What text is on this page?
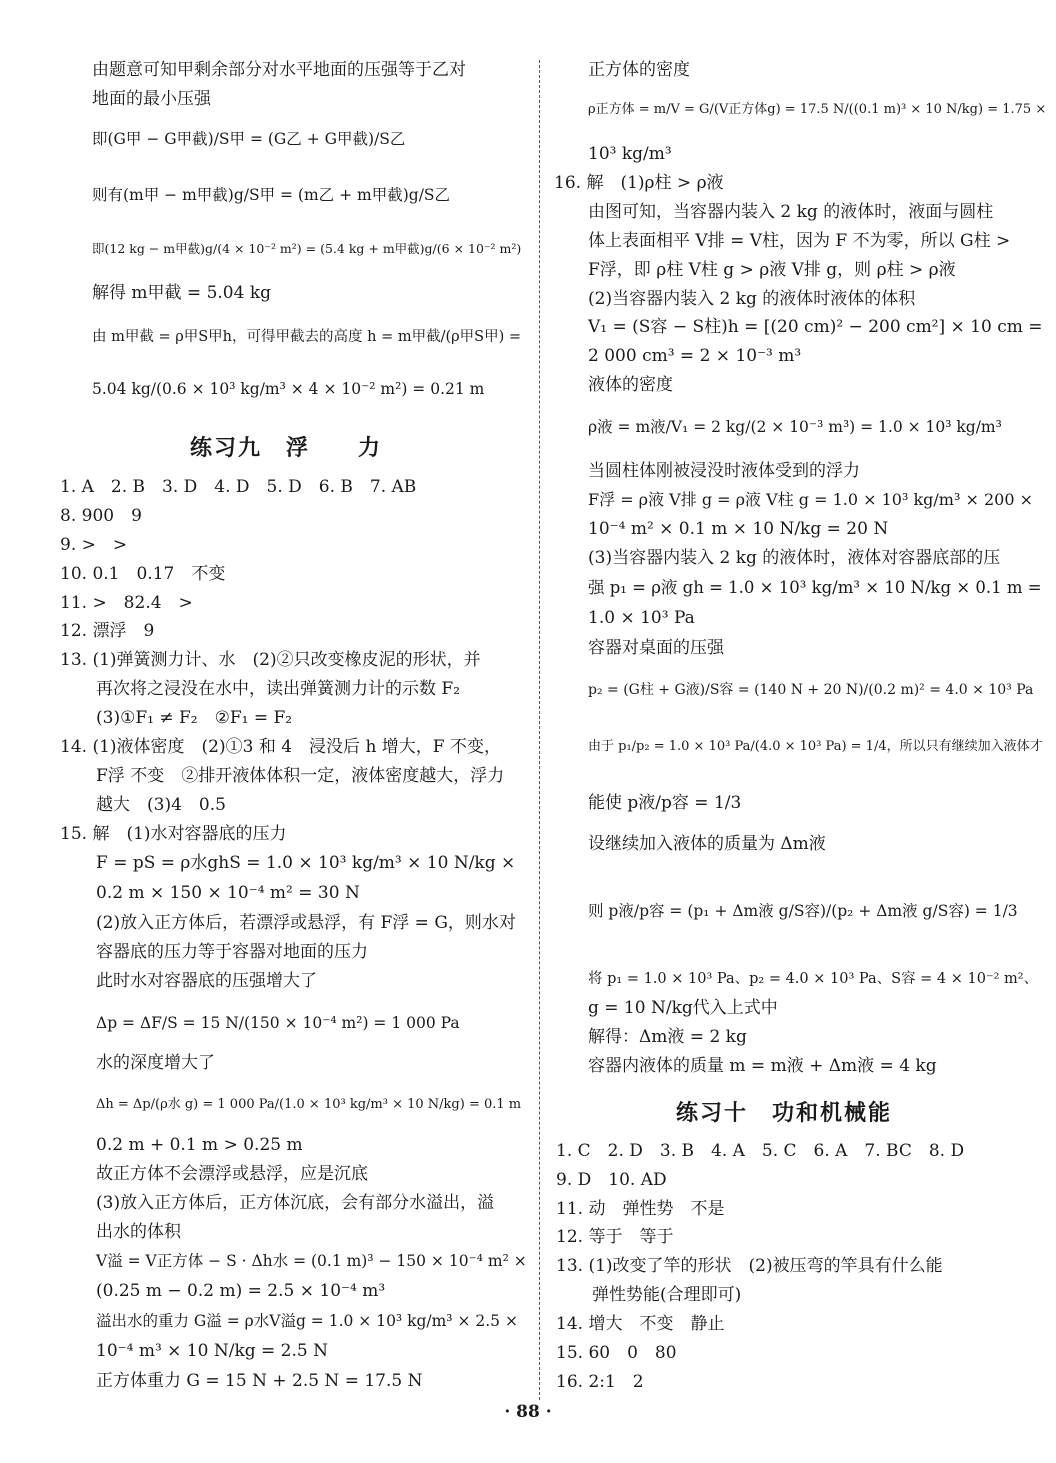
由题意可知甲剩余部分对水平地面的压强等于乙对
地面的最小压强
即(G甲 − G甲截)/S甲 = (G乙 + G甲截)/S乙
则有(m甲 − m甲截)g/S甲 = (m乙 + m甲截)g/S乙
即(12 kg − m甲截)g/(4 × 10⁻² m²) = (5.4 kg + m甲截)g/(6 × 10⁻² m²)
解得 m甲截 = 5.04 kg
由 m甲截 = ρ甲S甲h，可得甲截去的高度 h = m甲截/(ρ甲S甲) =
5.04 kg/(0.6 × 10³ kg/m³ × 4 × 10⁻² m²) = 0.21 m
练习九　浮　　力
1. A　2. B　3. D　4. D　5. D　6. B　7. AB
8. 900　9
9. >　>
10. 0.1　0.17　不变
11. >　82.4　>
12. 漂浮　9
13. (1)弹簧测力计、水　(2)②只改变橡皮泥的形状，并
再次将之浸没在水中，读出弹簧测力计的示数 F₂
(3)①F₁ ≠ F₂　②F₁ = F₂
14. (1)液体密度　(2)①3 和 4　浸没后 h 增大，F 不变，
F浮 不变　②排开液体体积一定，液体密度越大，浮力
越大　(3)4　0.5
15. 解　(1)水对容器底的压力
F = pS = ρ水ghS = 1.0 × 10³ kg/m³ × 10 N/kg ×
0.2 m × 150 × 10⁻⁴ m² = 30 N
(2)放入正方体后，若漂浮或悬浮，有 F浮 = G，则水对
容器底的压力等于容器对地面的压力
此时水对容器底的压强增大了
Δp = ΔF/S = 15 N/(150 × 10⁻⁴ m²) = 1 000 Pa
水的深度增大了
Δh = Δp/(ρ水 g) = 1 000 Pa/(1.0 × 10³ kg/m³ × 10 N/kg) = 0.1 m
0.2 m + 0.1 m > 0.25 m
故正方体不会漂浮或悬浮，应是沉底
(3)放入正方体后，正方体沉底，会有部分水溢出，溢
出水的体积
V溢 = V正方体 − S · Δh水 = (0.1 m)³ − 150 × 10⁻⁴ m² ×
(0.25 m − 0.2 m) = 2.5 × 10⁻⁴ m³
溢出水的重力 G溢 = ρ水V溢g = 1.0 × 10³ kg/m³ × 2.5 ×
10⁻⁴ m³ × 10 N/kg = 2.5 N
正方体重力 G = 15 N + 2.5 N = 17.5 N
正方体的密度
ρ正方体 = m/V = G/(V正方体g) = 17.5 N/((0.1 m)³ × 10 N/kg) = 1.75 ×
10³ kg/m³
16. 解　(1)ρ柱 > ρ液
由图可知，当容器内装入 2 kg 的液体时，液面与圆柱
体上表面相平 V排 = V柱，因为 F 不为零，所以 G柱 >
F浮，即 ρ柱 V柱 g > ρ液 V排 g，则 ρ柱 > ρ液
(2)当容器内装入 2 kg 的液体时液体的体积
V₁ = (S容 − S柱)h = [(20 cm)² − 200 cm²] × 10 cm =
2 000 cm³ = 2 × 10⁻³ m³
液体的密度
ρ液 = m液/V₁ = 2 kg/(2 × 10⁻³ m³) = 1.0 × 10³ kg/m³
当圆柱体刚被浸没时液体受到的浮力
F浮 = ρ液 V排 g = ρ液 V柱 g = 1.0 × 10³ kg/m³ × 200 ×
10⁻⁴ m² × 0.1 m × 10 N/kg = 20 N
(3)当容器内装入 2 kg 的液体时，液体对容器底部的压
强 p₁ = ρ液 gh = 1.0 × 10³ kg/m³ × 10 N/kg × 0.1 m =
1.0 × 10³ Pa
容器对桌面的压强
p₂ = (G柱 + G液)/S容 = (140 N + 20 N)/(0.2 m)² = 4.0 × 10³ Pa
由于 p₁/p₂ = 1.0 × 10³ Pa/(4.0 × 10³ Pa) = 1/4，所以只有继续加入液体才
能使 p液/p容 = 1/3
设继续加入液体的质量为 Δm液
则 p液/p容 = (p₁ + Δm液 g/S容)/(p₂ + Δm液 g/S容) = 1/3
将 p₁ = 1.0 × 10³ Pa、p₂ = 4.0 × 10³ Pa、S容 = 4 × 10⁻² m²、
g = 10 N/kg代入上式中
解得：Δm液 = 2 kg
容器内液体的质量 m = m液 + Δm液 = 4 kg
练习十　功和机械能
1. C　2. D　3. B　4. A　5. C　6. A　7. BC　8. D
9. D　10. AD
11. 动　弹性势　不是
12. 等于　等于
13. (1)改变了竿的形状　(2)被压弯的竿具有什么能
弹性势能(合理即可)
14. 增大　不变　静止
15. 60　0　80
16. 2:1　2
· 88 ·
